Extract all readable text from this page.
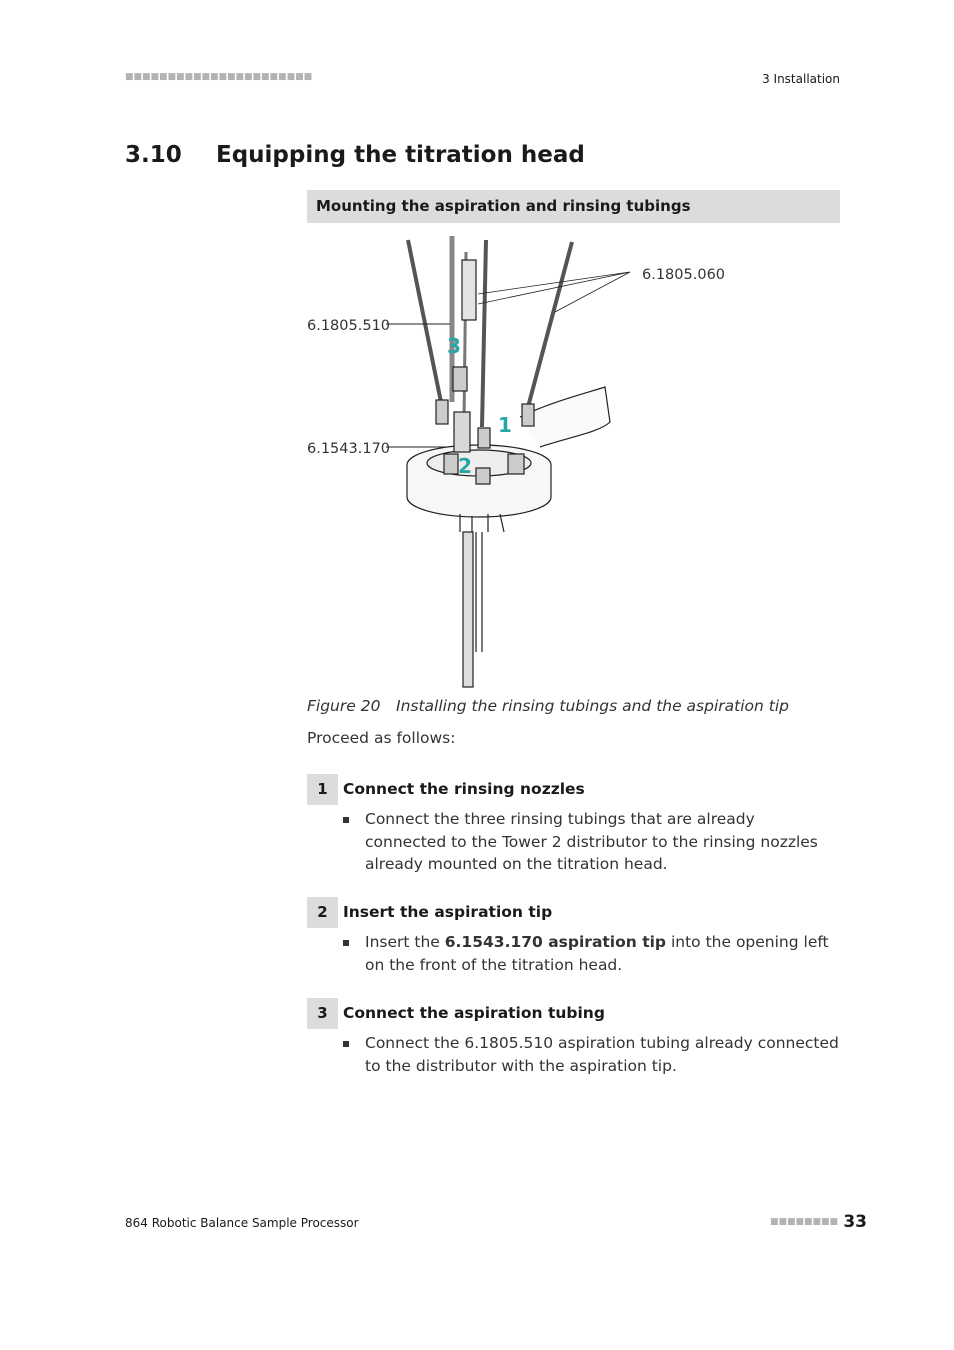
■■■■■■■■■■■■■■■■■■■■■■	3 Installation
3.10 Equipping the titration head
Mounting the aspiration and rinsing tubings
6.1805.060
6.1805.510
6.1543.170
1
2
3
Figure 20 Installing the rinsing tubings and the aspiration tip
Proceed as follows:
1 Connect the rinsing nozzles
Connect the three rinsing tubings that are already connected to the Tower 2 distributor to the rinsing nozzles already mounted on the titration head.
2 Insert the aspiration tip
Insert the 6.1543.170 aspiration tip into the opening left on the front of the titration head.
3 Connect the aspiration tubing
Connect the 6.1805.510 aspiration tubing already connected to the distributor with the aspiration tip.
864 Robotic Balance Sample Processor	■■■■■■■■ 33
